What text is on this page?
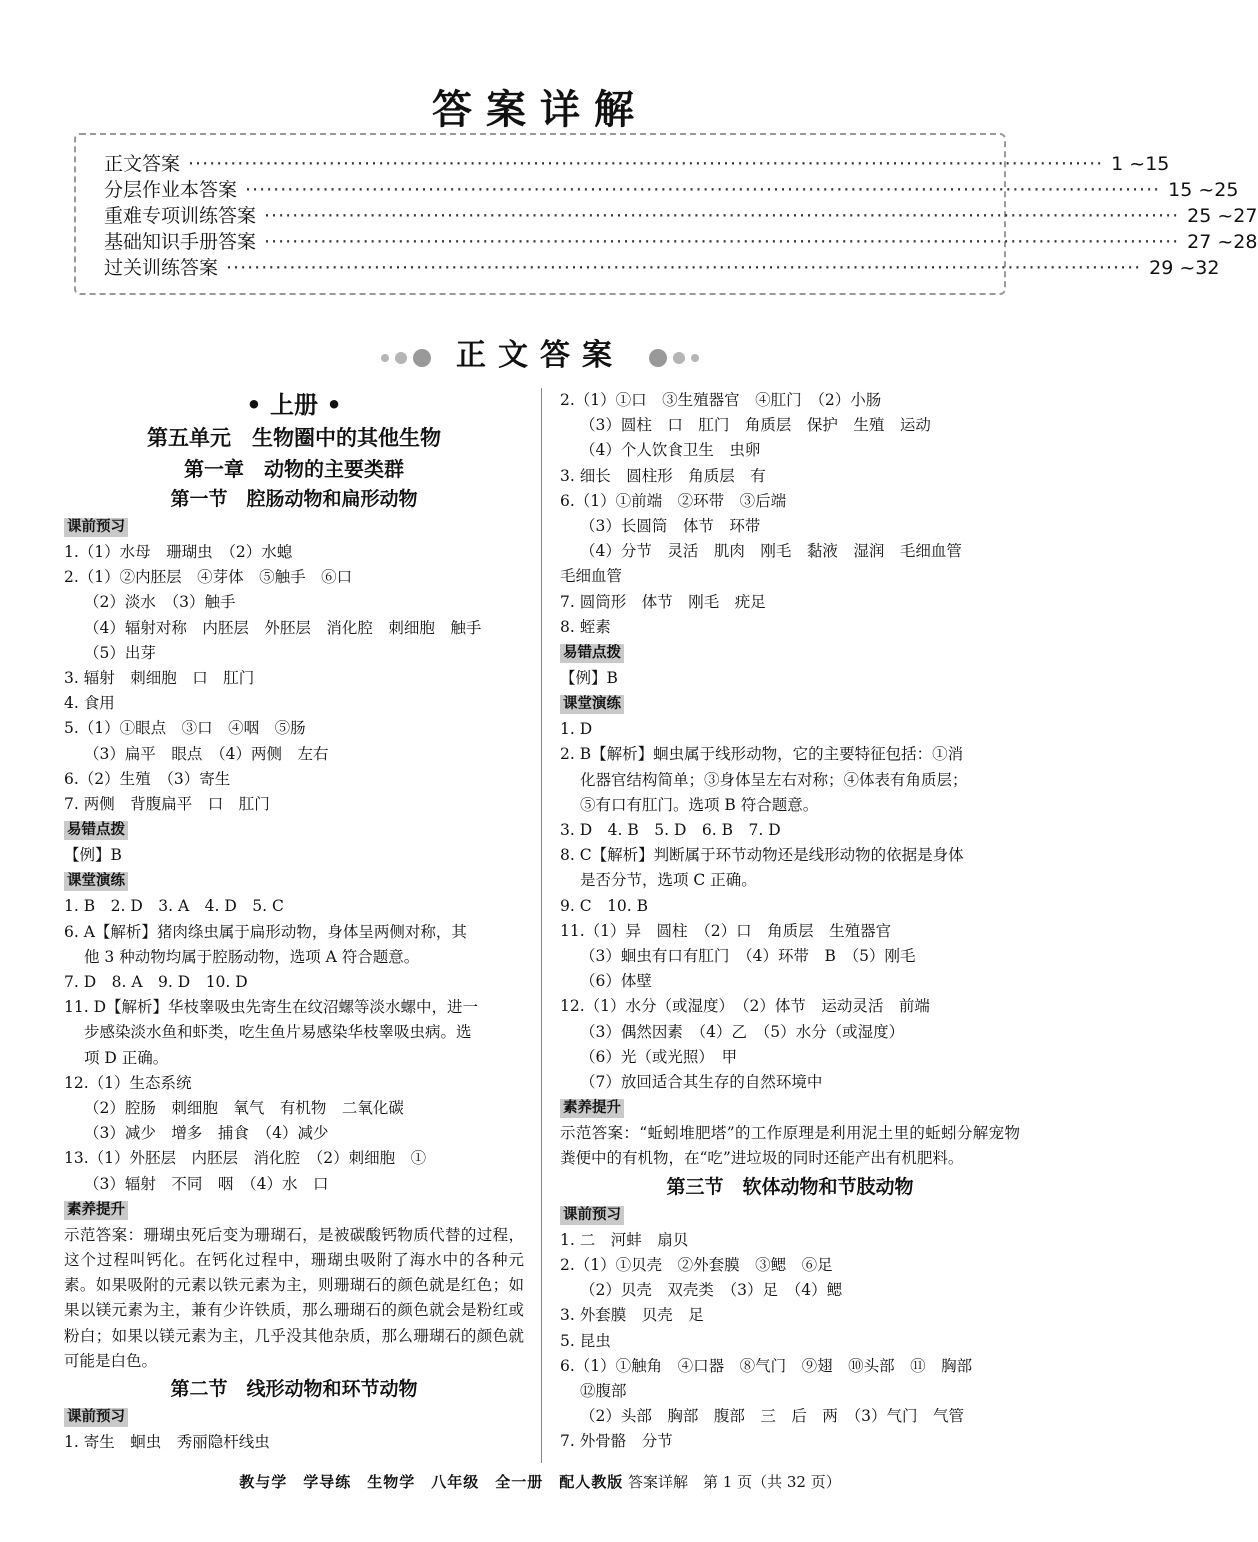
答案详解
正文答案 ·································································································································· 1 ~15
分层作业本答案 ·································································································································· 15 ~25
重难专项训练答案 ·································································································································· 25 ~27
基础知识手册答案 ·································································································································· 27 ~28
过关训练答案 ·································································································································· 29 ~32
正文答案
• 上册 •
第五单元　生物圈中的其他生物
第一章　动物的主要类群
第一节　腔肠动物和扁形动物
课前预习
1.（1）水母　珊瑚虫　（2）水螅
2.（1）②内胚层　④芽体　⑤触手　⑥口
（2）淡水　（3）触手
（4）辐射对称　内胚层　外胚层　消化腔　刺细胞　触手
（5）出芽
3. 辐射　刺细胞　口　肛门
4. 食用
5.（1）①眼点　③口　④咽　⑤肠
（3）扁平　眼点　（4）两侧　左右
6.（2）生殖　（3）寄生
7. 两侧　背腹扁平　口　肛门
易错点拨
【例】B
课堂演练
1. B　2. D　3. A　4. D　5. C
6. A【解析】猪肉绦虫属于扁形动物，身体呈两侧对称，其
他 3 种动物均属于腔肠动物，选项 A 符合题意。
7. D　8. A　9. D　10. D
11. D【解析】华枝睾吸虫先寄生在纹沼螺等淡水螺中，进一
步感染淡水鱼和虾类，吃生鱼片易感染华枝睾吸虫病。选
项 D 正确。
12.（1）生态系统
（2）腔肠　刺细胞　氧气　有机物　二氧化碳
（3）减少　增多　捕食　（4）减少
13.（1）外胚层　内胚层　消化腔　（2）刺细胞　①
（3）辐射　不同　咽　（4）水　口
素养提升
示范答案：珊瑚虫死后变为珊瑚石，是被碳酸钙物质代替的过程，这个过程叫钙化。在钙化过程中，珊瑚虫吸附了海水中的各种元素。如果吸附的元素以铁元素为主，则珊瑚石的颜色就是红色；如果以镁元素为主，兼有少许铁质，那么珊瑚石的颜色就会是粉红或粉白；如果以镁元素为主，几乎没其他杂质，那么珊瑚石的颜色就可能是白色。
第二节　线形动物和环节动物
课前预习
1. 寄生　蛔虫　秀丽隐杆线虫
2.（1）①口　③生殖器官　④肛门　（2）小肠
（3）圆柱　口　肛门　角质层　保护　生殖　运动
（4）个人饮食卫生　虫卵
3. 细长　圆柱形　角质层　有
6.（1）①前端　②环带　③后端
（3）长圆筒　体节　环带
（4）分节　灵活　肌肉　刚毛　黏液　湿润　毛细血管
毛细血管
7. 圆筒形　体节　刚毛　疣足
8. 蛭素
易错点拨
【例】B
课堂演练
1. D
2. B【解析】蛔虫属于线形动物，它的主要特征包括：①消
化器官结构简单；③身体呈左右对称；④体表有角质层；
⑤有口有肛门。选项 B 符合题意。
3. D　4. B　5. D　6. B　7. D
8. C【解析】判断属于环节动物还是线形动物的依据是身体
是否分节，选项 C 正确。
9. C　10. B
11.（1）异　圆柱　（2）口　角质层　生殖器官
（3）蛔虫有口有肛门　（4）环带　B　（5）刚毛
（6）体壁
12.（1）水分（或湿度）　（2）体节　运动灵活　前端
（3）偶然因素　（4）乙　（5）水分（或湿度）
（6）光（或光照）　甲
（7）放回适合其生存的自然环境中
素养提升
示范答案：“蚯蚓堆肥塔”的工作原理是利用泥土里的蚯蚓分解宠物粪便中的有机物，在“吃”进垃圾的同时还能产出有机肥料。
第三节　软体动物和节肢动物
课前预习
1. 二　河蚌　扇贝
2.（1）①贝壳　②外套膜　③鳃　⑥足
（2）贝壳　双壳类　（3）足　（4）鳃
3. 外套膜　贝壳　足
5. 昆虫
6.（1）①触角　④口器　⑧气门　⑨翅　⑩头部　⑪　胸部
⑫腹部
（2）头部　胸部　腹部　三　后　两　（3）气门　气管
7. 外骨骼　分节
教与学　学导练　生物学　八年级　全一册　配人教版 答案详解　第 1 页（共 32 页）
